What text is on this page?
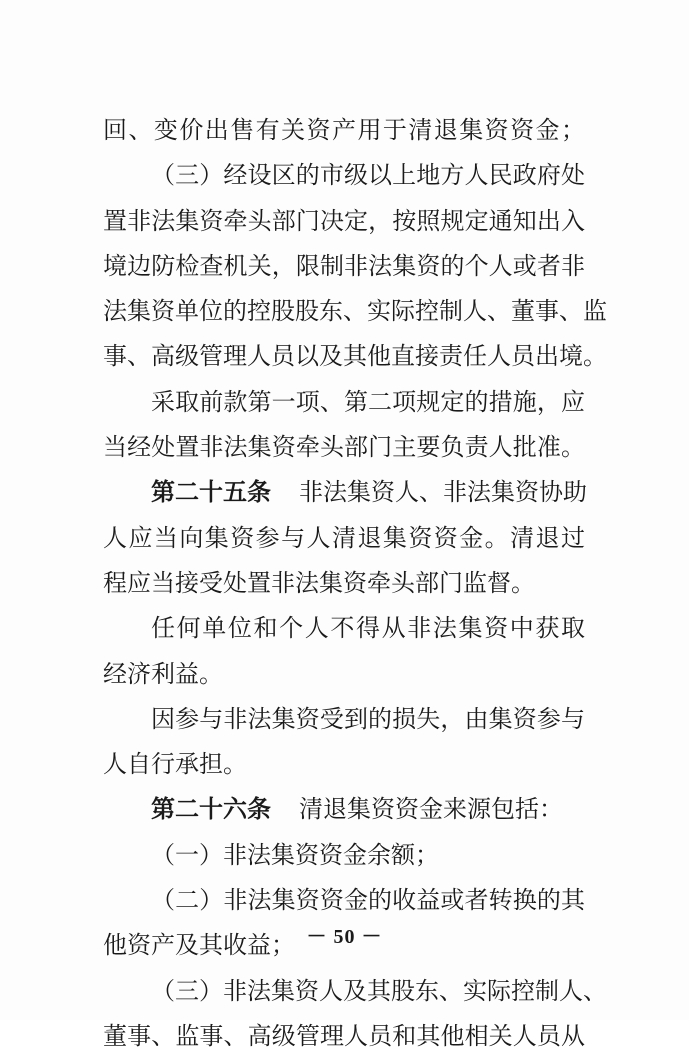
回、变价出售有关资产用于清退集资资金；
（三）经设区的市级以上地方人民政府处
置非法集资牵头部门决定，按照规定通知出入
境边防检查机关，限制非法集资的个人或者非
法集资单位的控股股东、实际控制人、董事、监
事、高级管理人员以及其他直接责任人员出境。
采取前款第一项、第二项规定的措施，应
当经处置非法集资牵头部门主要负责人批准。
第二十五条 非法集资人、非法集资协助
人应当向集资参与人清退集资资金。清退过
程应当接受处置非法集资牵头部门监督。
任何单位和个人不得从非法集资中获取
经济利益。
因参与非法集资受到的损失，由集资参与
人自行承担。
第二十六条 清退集资资金来源包括：
（一）非法集资资金余额；
（二）非法集资资金的收益或者转换的其
他资产及其收益；
（三）非法集资人及其股东、实际控制人、
董事、监事、高级管理人员和其他相关人员从
－ 50 －
